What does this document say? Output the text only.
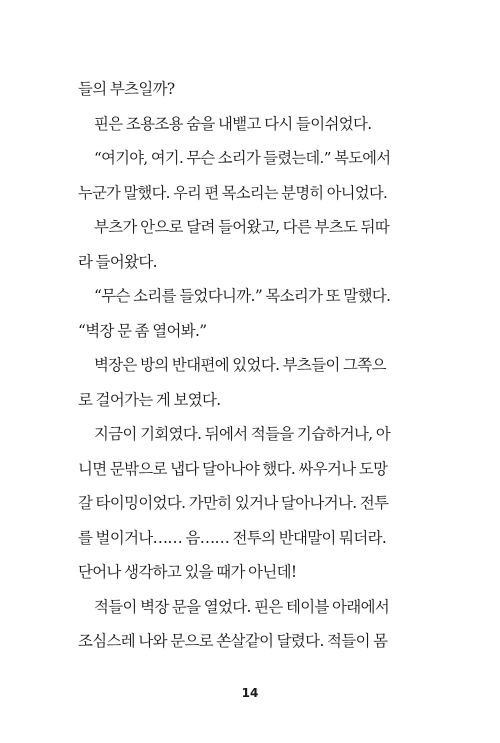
들의 부츠일까?
핀은 조용조용 숨을 내뱉고 다시 들이쉬었다.
“여기야, 여기. 무슨 소리가 들렸는데.” 복도에서
누군가 말했다. 우리 편 목소리는 분명히 아니었다.
부츠가 안으로 달려 들어왔고, 다른 부츠도 뒤따
라 들어왔다.
“무슨 소리를 들었다니까.” 목소리가 또 말했다.
“벽장 문 좀 열어봐.”
벽장은 방의 반대편에 있었다. 부츠들이 그쪽으
로 걸어가는 게 보였다.
지금이 기회였다. 뒤에서 적들을 기습하거나, 아
니면 문밖으로 냅다 달아나야 했다. 싸우거나 도망
갈 타이밍이었다. 가만히 있거나 달아나거나. 전투
를 벌이거나…… 음…… 전투의 반대말이 뭐더라.
단어나 생각하고 있을 때가 아닌데!
적들이 벽장 문을 열었다. 핀은 테이블 아래에서
조심스레 나와 문으로 쏜살같이 달렸다. 적들이 몸
14
